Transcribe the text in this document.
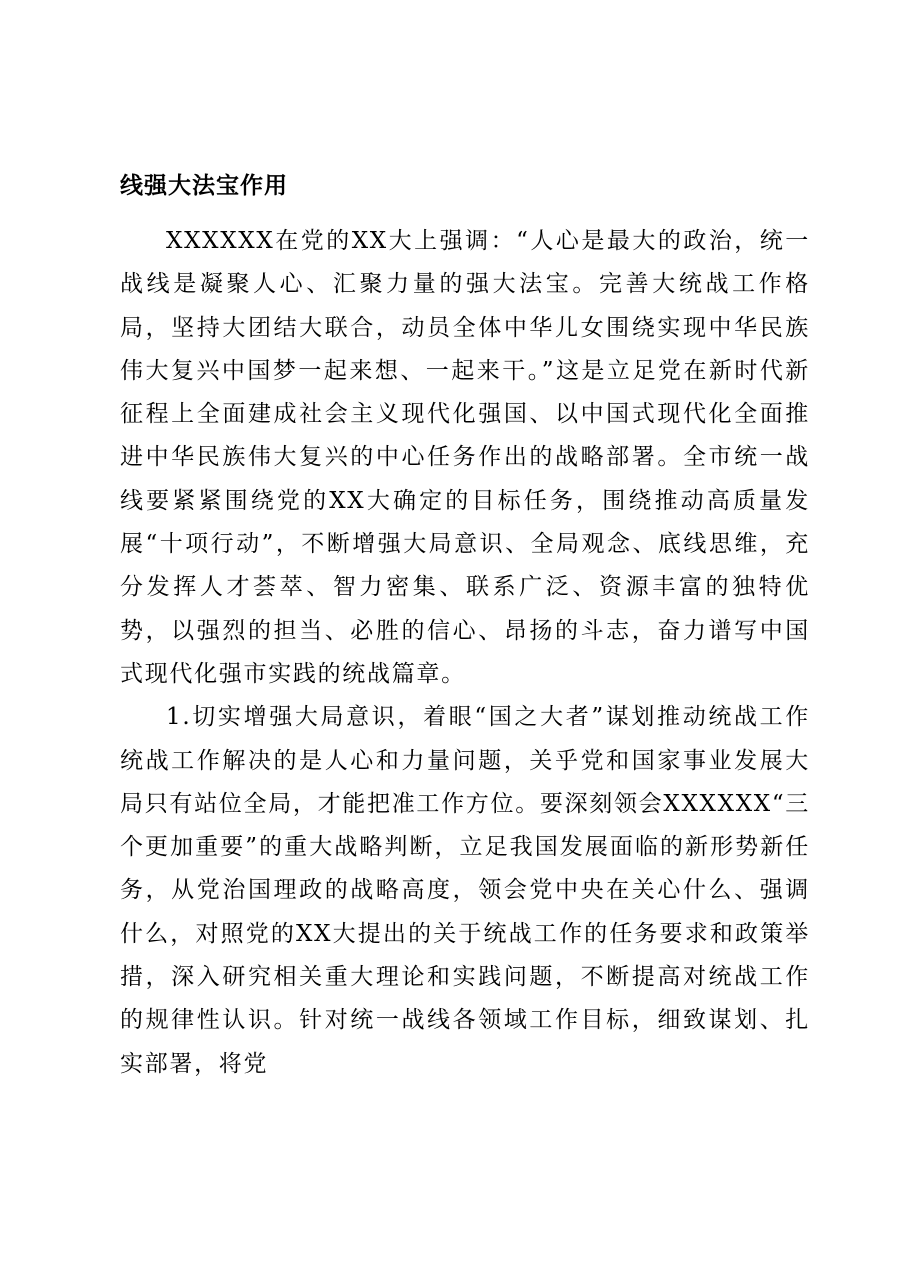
线强大法宝作用

XXXXXX在党的XX大上强调：“人心是最大的政治，统一战线是凝聚人心、汇聚力量的强大法宝。完善大统战工作格局，坚持大团结大联合，动员全体中华儿女围绕实现中华民族伟大复兴中国梦一起来想、一起来干。”这是立足党在新时代新征程上全面建成社会主义现代化强国、以中国式现代化全面推进中华民族伟大复兴的中心任务作出的战略部署。全市统一战线要紧紧围绕党的XX大确定的目标任务，围绕推动高质量发展“十项行动”，不断增强大局意识、全局观念、底线思维，充分发挥人才荟萃、智力密集、联系广泛、资源丰富的独特优势，以强烈的担当、必胜的信心、昂扬的斗志，奋力谱写中国式现代化强市实践的统战篇章。

1.切实增强大局意识，着眼“国之大者”谋划推动统战工作统战工作解决的是人心和力量问题，关乎党和国家事业发展大局只有站位全局，才能把准工作方位。要深刻领会XXXXXX“三个更加重要”的重大战略判断，立足我国发展面临的新形势新任务，从党治国理政的战略高度，领会党中央在关心什么、强调什么，对照党的XX大提出的关于统战工作的任务要求和政策举措，深入研究相关重大理论和实践问题，不断提高对统战工作的规律性认识。针对统一战线各领域工作目标，细致谋划、扎实部署，将党
